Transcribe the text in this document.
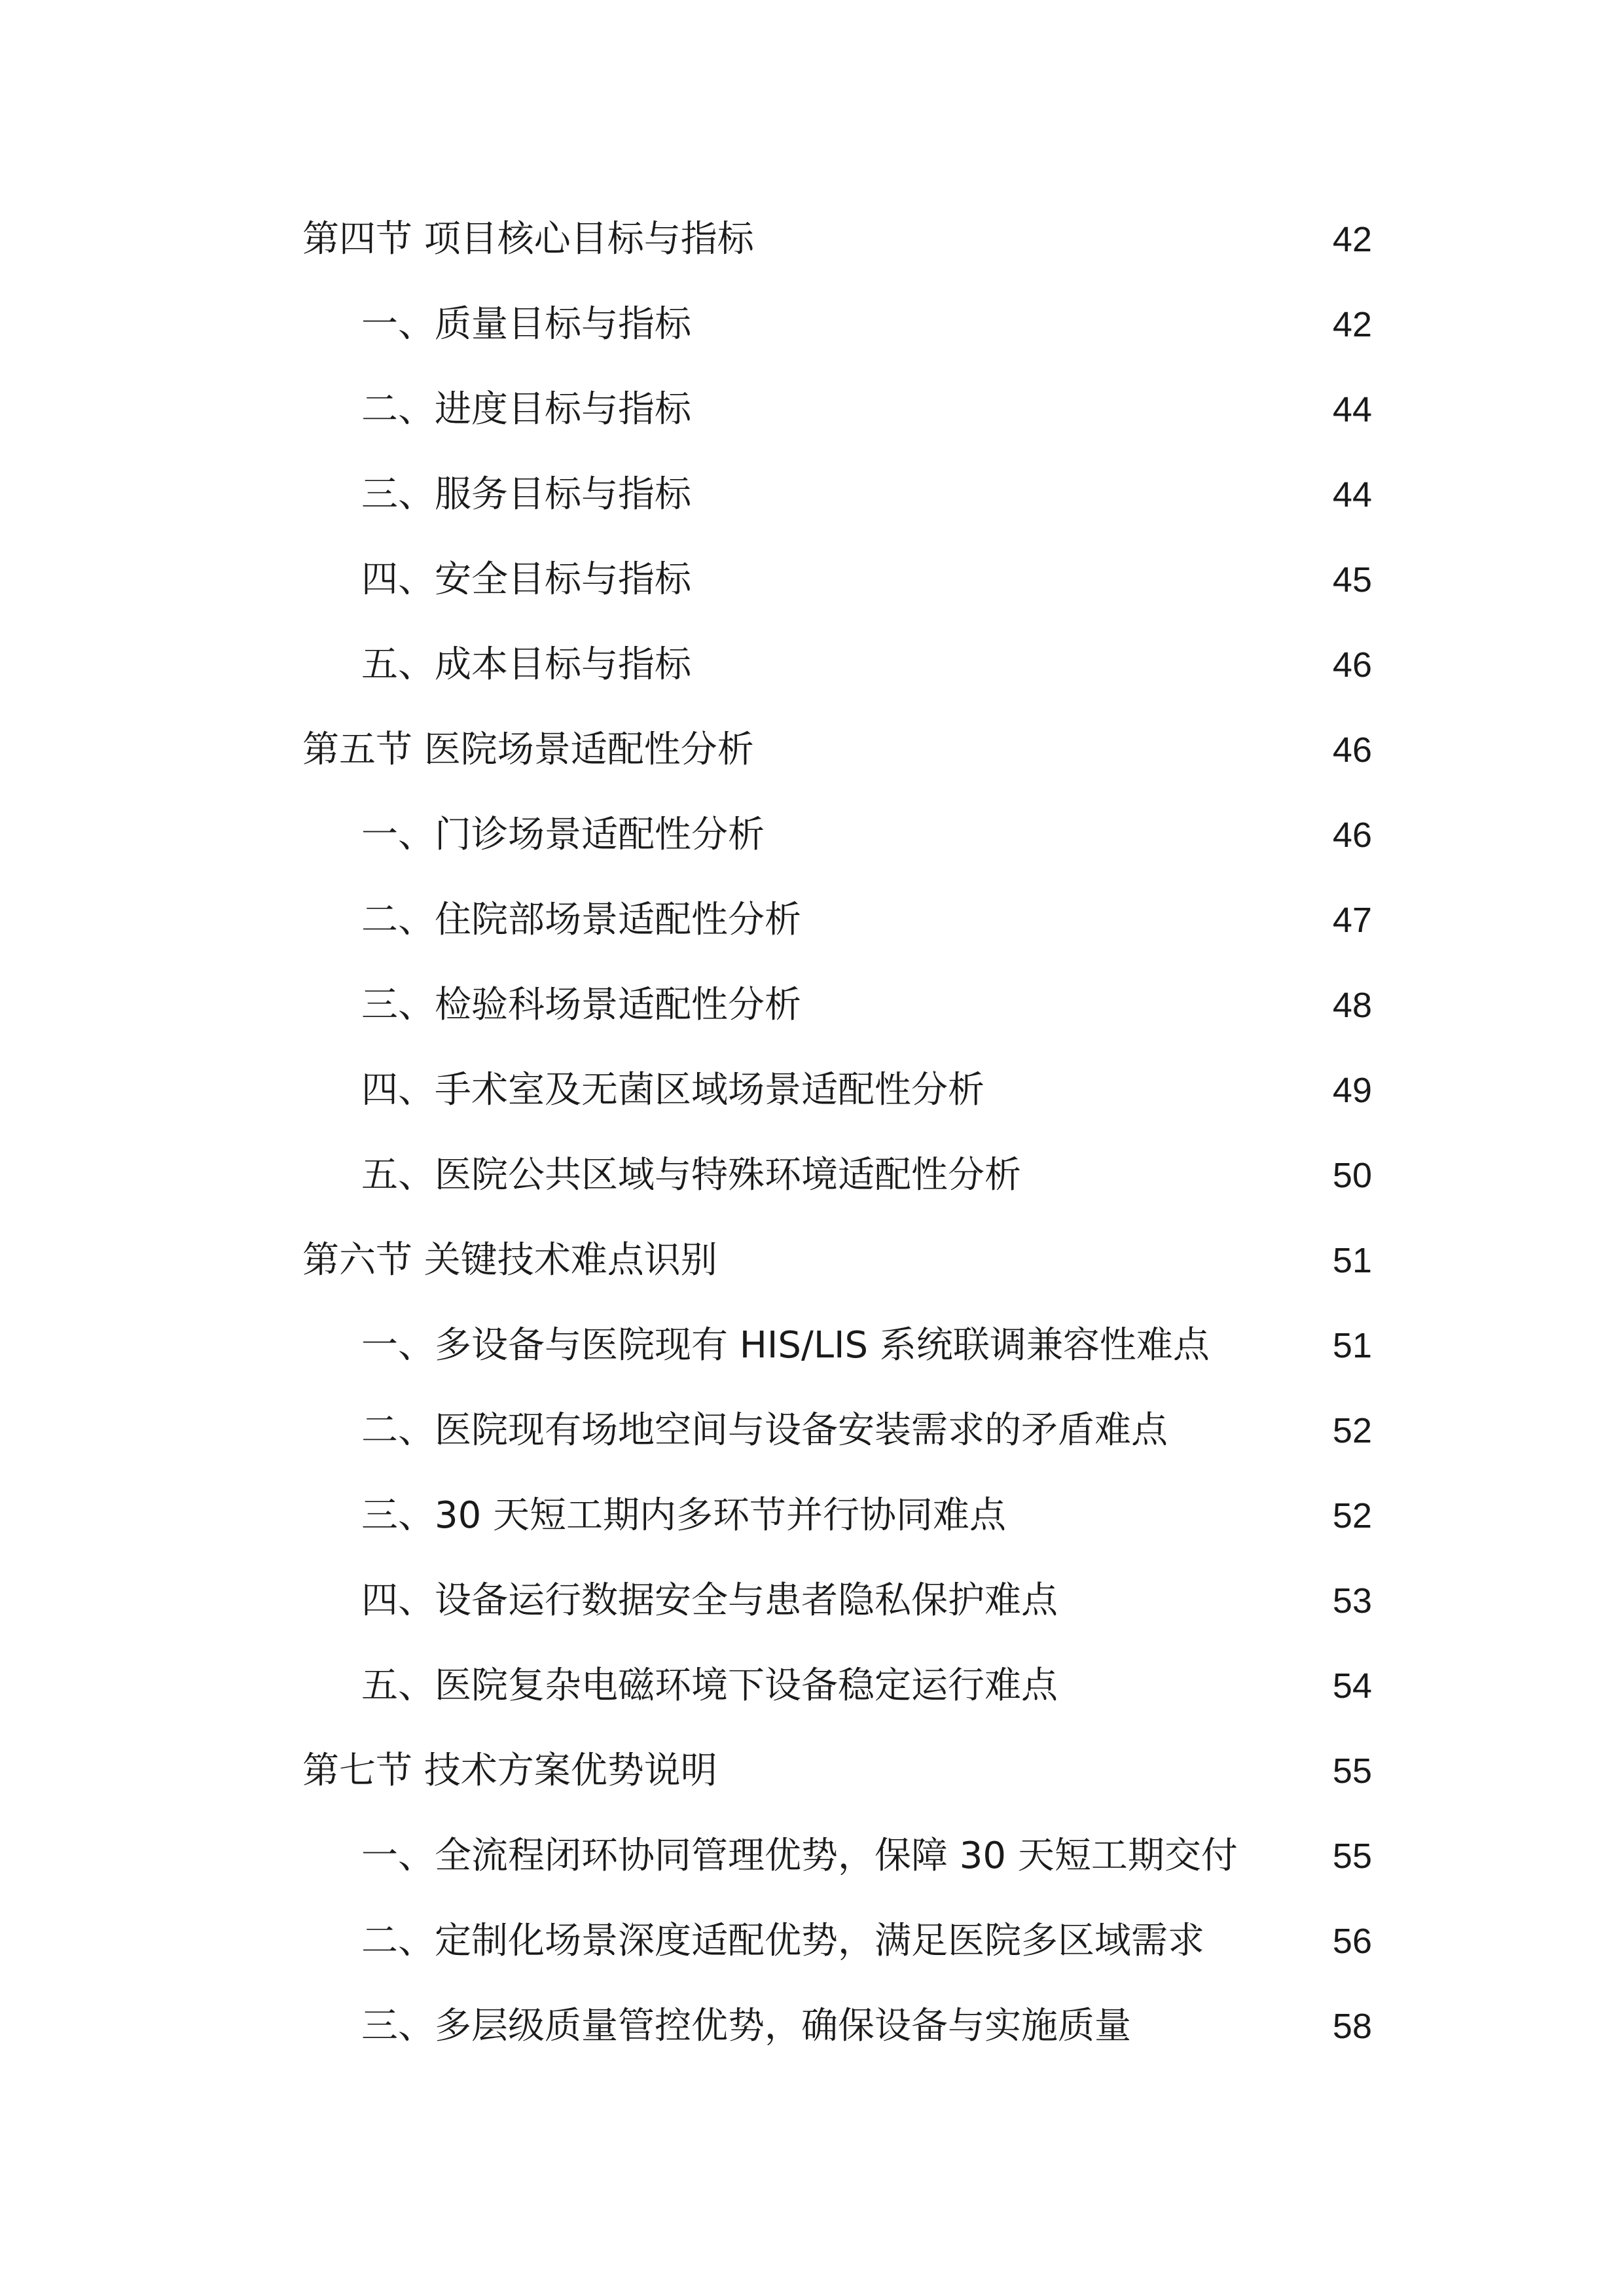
第四节 项目核心目标与指标	42
一、质量目标与指标	42
二、进度目标与指标	44
三、服务目标与指标	44
四、安全目标与指标	45
五、成本目标与指标	46
第五节 医院场景适配性分析	46
一、门诊场景适配性分析	46
二、住院部场景适配性分析	47
三、检验科场景适配性分析	48
四、手术室及无菌区域场景适配性分析	49
五、医院公共区域与特殊环境适配性分析	50
第六节 关键技术难点识别	51
一、多设备与医院现有 HIS/LIS 系统联调兼容性难点	51
二、医院现有场地空间与设备安装需求的矛盾难点	52
三、30 天短工期内多环节并行协同难点	52
四、设备运行数据安全与患者隐私保护难点	53
五、医院复杂电磁环境下设备稳定运行难点	54
第七节 技术方案优势说明	55
一、全流程闭环协同管理优势，保障 30 天短工期交付	55
二、定制化场景深度适配优势，满足医院多区域需求	56
三、多层级质量管控优势，确保设备与实施质量	58
